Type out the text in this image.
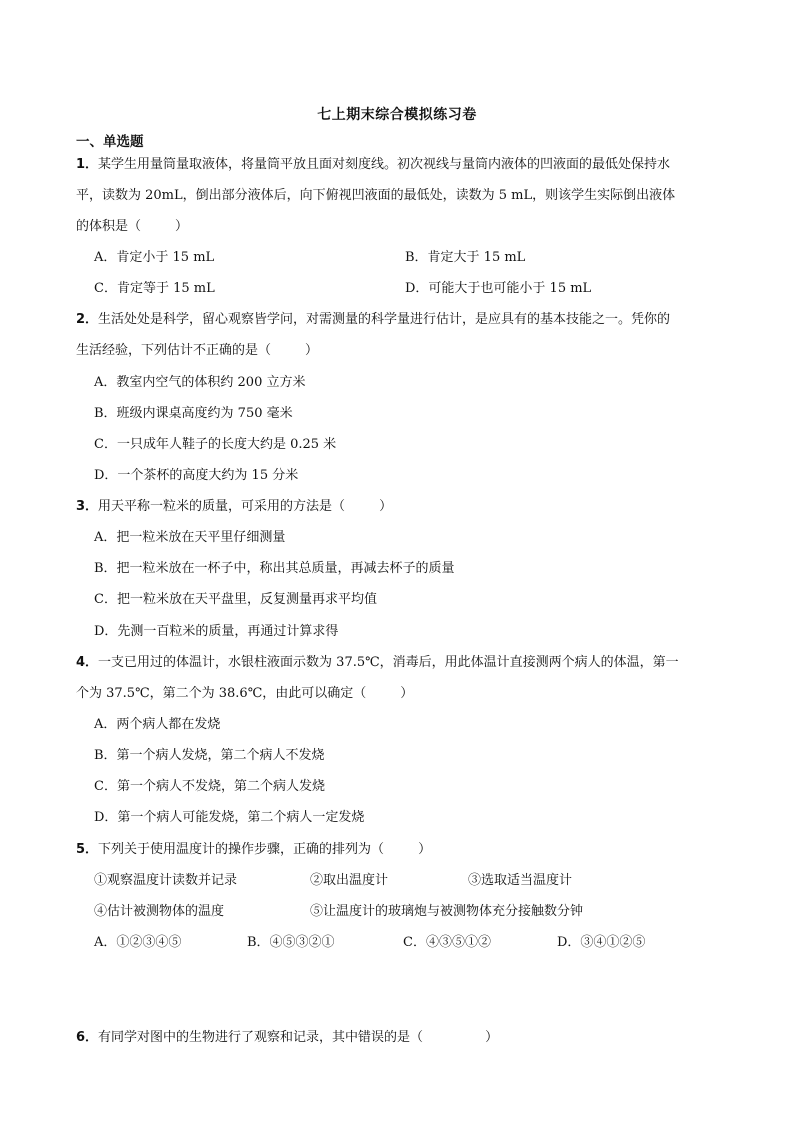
七上期末综合模拟练习卷
一、单选题
1．某学生用量筒量取液体，将量筒平放且面对刻度线。初次视线与量筒内液体的凹液面的最低处保持水
平，读数为 20mL，倒出部分液体后，向下俯视凹液面的最低处，读数为 5 mL，则该学生实际倒出液体
的体积是（	）
A．肯定小于 15 mL	B．肯定大于 15 mL
C．肯定等于 15 mL	D．可能大于也可能小于 15 mL
2．生活处处是科学，留心观察皆学问，对需测量的科学量进行估计，是应具有的基本技能之一。凭你的
生活经验，下列估计不正确的是（	）
A．教室内空气的体积约 200 立方米
B．班级内课桌高度约为 750 毫米
C．一只成年人鞋子的长度大约是 0.25 米
D．一个茶杯的高度大约为 15 分米
3．用天平称一粒米的质量，可采用的方法是（	）
A．把一粒米放在天平里仔细测量
B．把一粒米放在一杯子中，称出其总质量，再减去杯子的质量
C．把一粒米放在天平盘里，反复测量再求平均值
D．先测一百粒米的质量，再通过计算求得
4．一支已用过的体温计，水银柱液面示数为 37.5℃，消毒后，用此体温计直接测两个病人的体温，第一
个为 37.5℃，第二个为 38.6℃，由此可以确定（	）
A．两个病人都在发烧
B．第一个病人发烧，第二个病人不发烧
C．第一个病人不发烧，第二个病人发烧
D．第一个病人可能发烧，第二个病人一定发烧
5．下列关于使用温度计的操作步骤，正确的排列为（	）
①观察温度计读数并记录	②取出温度计	③选取适当温度计
④估计被测物体的温度	⑤让温度计的玻璃炮与被测物体充分接触数分钟
A．①②③④⑤	B．④⑤③②①	C．④③⑤①②	D．③④①②⑤
6．有同学对图中的生物进行了观察和记录，其中错误的是（	）
